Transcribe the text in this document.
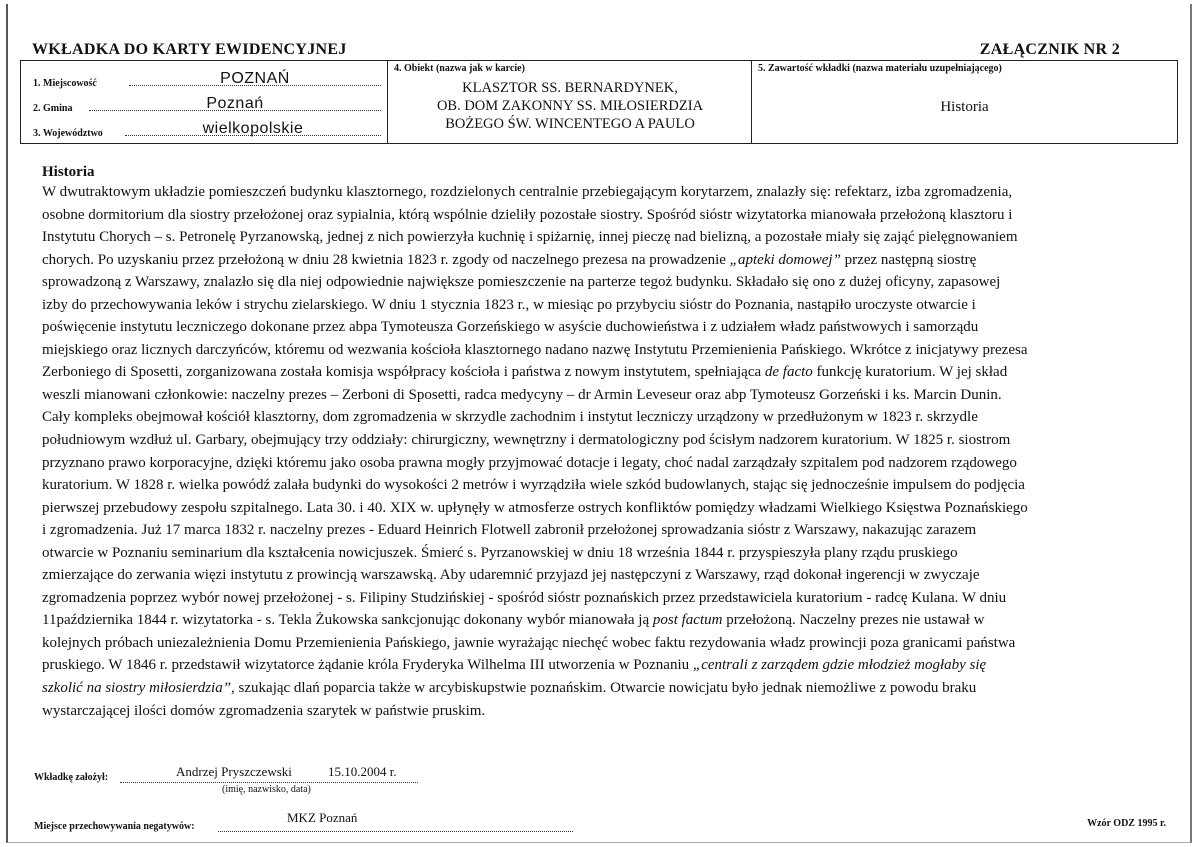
WKŁADKA DO KARTY EWIDENCYJNEJ	ZAŁĄCZNIK NR 2
1. Miejscowość	POZNAŃ
2. Gmina	Poznań
3. Województwo	wielkopolskie
4. Obiekt (nazwa jak w karcie)
KLASZTOR SS. BERNARDYNEK,
OB. DOM ZAKONNY SS. MIŁOSIERDZIA
BOŻEGO ŚW. WINCENTEGO A PAULO
5. Zawartość wkładki (nazwa materiału uzupełniającego)
Historia
Historia

W dwutraktowym układzie pomieszczeń budynku klasztornego, rozdzielonych centralnie przebiegającym korytarzem, znalazły się: refektarz, izba zgromadzenia,
osobne dormitorium dla siostry przełożonej oraz sypialnia, którą wspólnie dzieliły pozostałe siostry. Spośród sióstr wizytatorka mianowała przełożoną klasztoru i
Instytutu Chorych – s. Petronelę Pyrzanowską, jednej z nich powierzyła kuchnię i spiżarnię, innej pieczę nad bielizną, a pozostałe miały się zająć pielęgnowaniem
chorych. Po uzyskaniu przez przełożoną w dniu 28 kwietnia 1823 r. zgody od naczelnego prezesa na prowadzenie „apteki domowej” przez następną siostrę
sprowadzoną z Warszawy, znalazło się dla niej odpowiednie największe pomieszczenie na parterze tegoż budynku. Składało się ono z dużej oficyny, zapasowej
izby do przechowywania leków i strychu zielarskiego. W dniu 1 stycznia 1823 r., w miesiąc po przybyciu sióstr do Poznania, nastąpiło uroczyste otwarcie i
poświęcenie instytutu leczniczego dokonane przez abpa Tymoteusza Gorzeńskiego w asyście duchowieństwa i z udziałem władz państwowych i samorządu
miejskiego oraz licznych darczyńców, któremu od wezwania kościoła klasztornego nadano nazwę Instytutu Przemienienia Pańskiego. Wkrótce z inicjatywy prezesa
Zerboniego di Sposetti, zorganizowana została komisja współpracy kościoła i państwa z nowym instytutem, spełniająca de facto funkcję kuratorium. W jej skład
weszli mianowani członkowie: naczelny prezes – Zerboni di Sposetti, radca medycyny – dr Armin Leveseur oraz abp Tymoteusz Gorzeński i ks. Marcin Dunin.
Cały kompleks obejmował kościół klasztorny, dom zgromadzenia w skrzydle zachodnim i instytut leczniczy urządzony w przedłużonym w 1823 r. skrzydle
południowym wzdłuż ul. Garbary, obejmujący trzy oddziały: chirurgiczny, wewnętrzny i dermatologiczny pod ścisłym nadzorem kuratorium. W 1825 r. siostrom
przyznano prawo korporacyjne, dzięki któremu jako osoba prawna mogły przyjmować dotacje i legaty, choć nadal zarządzały szpitalem pod nadzorem rządowego
kuratorium. W 1828 r. wielka powódź zalała budynki do wysokości 2 metrów i wyrządziła wiele szkód budowlanych, stając się jednocześnie impulsem do podjęcia
pierwszej przebudowy zespołu szpitalnego. Lata 30. i 40. XIX w. upłynęły w atmosferze ostrych konfliktów pomiędzy władzami Wielkiego Księstwa Poznańskiego
i zgromadzenia. Już 17 marca 1832 r. naczelny prezes - Eduard Heinrich Flotwell zabronił przełożonej sprowadzania sióstr z Warszawy, nakazując zarazem
otwarcie w Poznaniu seminarium dla kształcenia nowicjuszek. Śmierć s. Pyrzanowskiej w dniu 18 września 1844 r. przyspieszyła plany rządu pruskiego
zmierzające do zerwania więzi instytutu z prowincją warszawską. Aby udaremnić przyjazd jej następczyni z Warszawy, rząd dokonał ingerencji w zwyczaje
zgromadzenia poprzez wybór nowej przełożonej - s. Filipiny Studzińskiej - spośród sióstr poznańskich przez przedstawiciela kuratorium - radcę Kulana. W dniu
11października 1844 r. wizytatorka - s. Tekla Żukowska sankcjonując dokonany wybór mianowała ją post factum przełożoną. Naczelny prezes nie ustawał w
kolejnych próbach uniezależnienia Domu Przemienienia Pańskiego, jawnie wyrażając niechęć wobec faktu rezydowania władz prowincji poza granicami państwa
pruskiego. W 1846 r. przedstawił wizytatorce żądanie króla Fryderyka Wilhelma III utworzenia w Poznaniu „centrali z zarządem gdzie młodzież mogłaby się
szkolić na siostry miłosierdzia”, szukając dlań poparcia także w arcybiskupstwie poznańskim. Otwarcie nowicjatu było jednak niemożliwe z powodu braku
wystarczającej ilości domów zgromadzenia szarytek w państwie pruskim.

Wkładkę założył:	Andrzej Pryszczewski	15.10.2004 r.
(imię, nazwisko, data)
Miejsce przechowywania negatywów:
MKZ Poznań	Wzór ODZ 1995 r.
